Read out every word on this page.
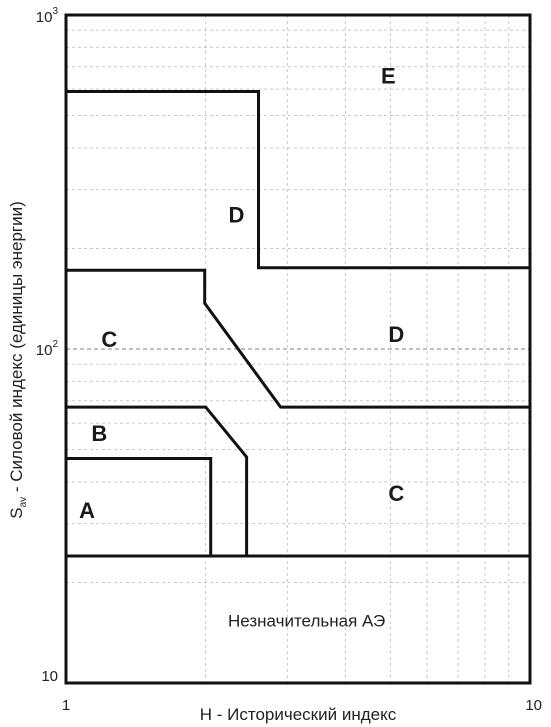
A
B
C
D
E
D
C
1	10
10
$10^2$
$10^3$
Незначительная АЭ
H - Исторический индекс
$S_{av}$ - Силовой индекс (единицы энергии)
